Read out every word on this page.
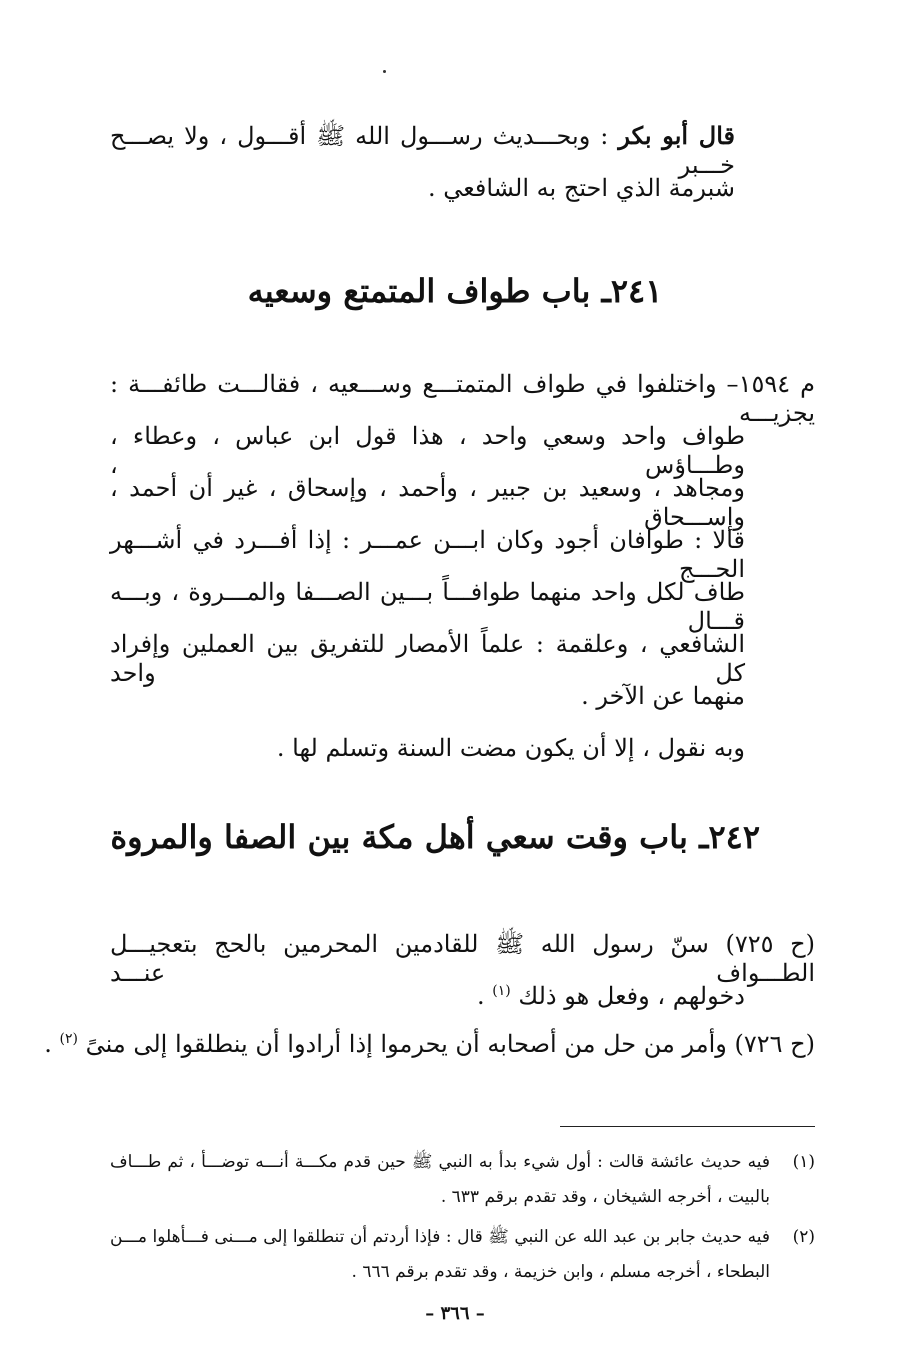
قال أبو بكر : وبحـــديث رســـول الله ﷺ أقـــول ، ولا يصـــح خـــبر
شبرمة الذي احتج به الشافعي .
٢٤١ـ باب طواف المتمتع وسعيه
م ١٥٩٤– واختلفوا في طواف المتمتـــع وســـعيه ، فقالـــت طائفـــة : يجزيـــه
طواف واحد وسعي واحد ، هذا قول ابن عباس ، وعطاء ، وطـــاؤس ،
ومجاهد ، وسعيد بن جبير ، وأحمد ، وإسحاق ، غير أن أحمد ، وإســـحاق
قالا : طوافان أجود وكان ابـــن عمـــر : إذا أفـــرد في أشـــهر الحـــج
طاف لكل واحد منهما طوافـــاً بـــين الصـــفا والمـــروة ، وبـــه قـــال
الشافعي ، وعلقمة : علماً الأمصار للتفريق بين العملين وإفراد كل واحد
منهما عن الآخر .
وبه نقول ، إلا أن يكون مضت السنة وتسلم لها .
٢٤٢ـ باب وقت سعي أهل مكة بين الصفا والمروة
(ح ٧٢٥) سنّ رسول الله ﷺ للقادمين المحرمين بالحج بتعجيـــل الطـــواف عنـــد
دخولهم ، وفعل هو ذلك $^{(١)}$ .
(ح ٧٢٦) وأمر من حل من أصحابه أن يحرموا إذا أرادوا أن ينطلقوا إلى منىً $^{(٢)}$ .
(١)
فيه حديث عائشة قالت : أول شيء بدأ به النبي ﷺ حين قدم مكـــة أنـــه توضـــأ ، ثم طـــاف
بالبيت ، أخرجه الشيخان ، وقد تقدم برقم ٦٣٣ .
(٢)
فيه حديث جابر بن عبد الله عن النبي ﷺ قال : فإذا أردتم أن تنطلقوا إلى مـــنى فـــأهلوا مـــن
البطحاء ، أخرجه مسلم ، وابن خزيمة ، وقد تقدم برقم ٦٦٦ .
– ٣٦٦ –
